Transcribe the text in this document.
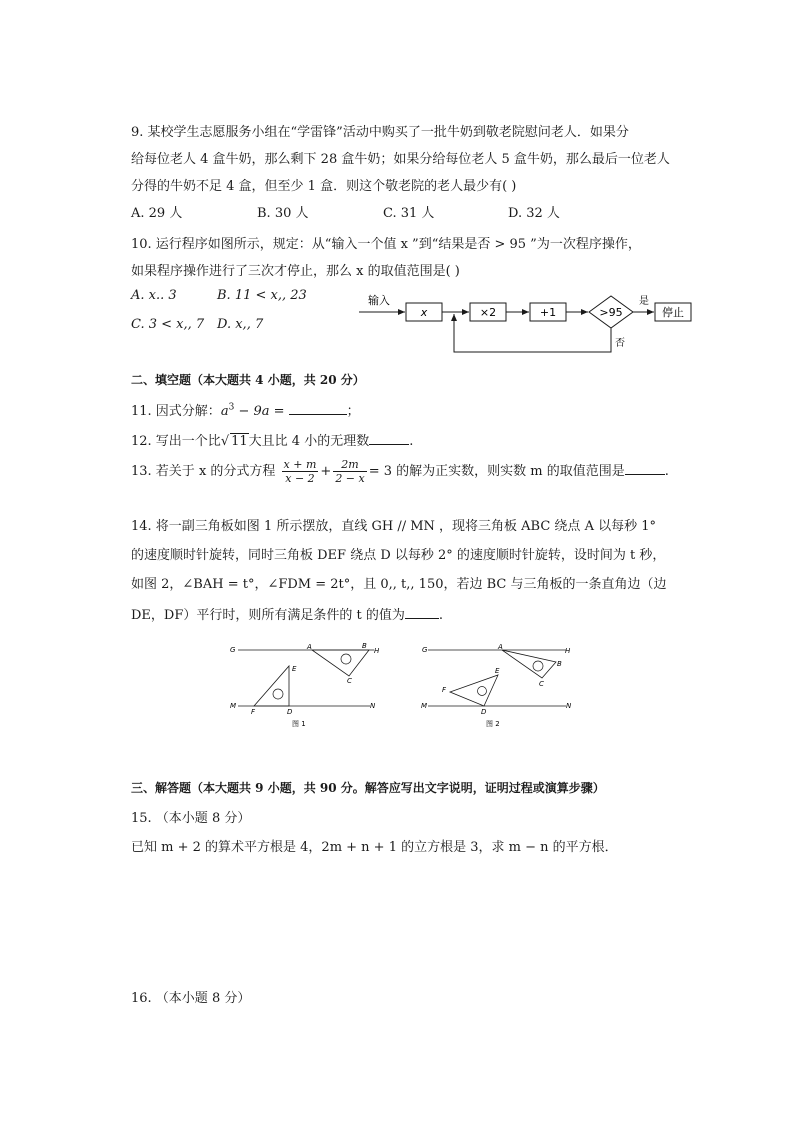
9. 某校学生志愿服务小组在“学雷锋”活动中购买了一批牛奶到敬老院慰问老人．如果分
给每位老人 4 盒牛奶，那么剩下 28 盒牛奶；如果分给每位老人 5 盒牛奶，那么最后一位老人
分得的牛奶不足 4 盒，但至少 1 盒．则这个敬老院的老人最少有( )
A. 29 人	B. 30 人	C. 31 人	D. 32 人
10. 运行程序如图所示，规定：从“输入一个值 x ”到“结果是否 > 95 ”为一次程序操作，
如果程序操作进行了三次才停止，那么 x 的取值范围是( )
A. x.. 3	B. 11 < x,, 23
C. 3 < x,, 7 D. x,, 7
输入
x	×2	+1	>95
是
停止
否
二、填空题（本大题共 4 小题，共 20 分）
11. 因式分解：$a^3 - 9a$ =	；
12. 写出一个比√ 11大且比 4 小的无理数	.
13. 若关于 x 的分式方程 $\frac{x + m}{x - 2} + \frac{2m}{2 - x} = 3$ 的解为正实数，则实数 m 的取值范围是	.
14. 将一副三角板如图 1 所示摆放，直线 GH // MN ，现将三角板 ABC 绕点 A 以每秒 1°
的速度顺时针旋转，同时三角板 DEF 绕点 D 以每秒 2° 的速度顺时针旋转，设时间为 t 秒，
如图 2，∠BAH = t°，∠FDM = 2t°，且 0,, t,, 150，若边 BC 与三角板的一条直角边（边
DE，DF）平行时，则所有满足条件的 t 的值为	.
G	H
A	B
C
E
M
F	D
N
图 1
G	H
A
B
C
E
M
F
D
N
图 2
三、解答题（本大题共 9 小题，共 90 分。解答应写出文字说明，证明过程或演算步骤）
15. （本小题 8 分）
已知 m + 2 的算术平方根是 4，2m + n + 1 的立方根是 3，求 m − n 的平方根．
16. （本小题 8 分）
